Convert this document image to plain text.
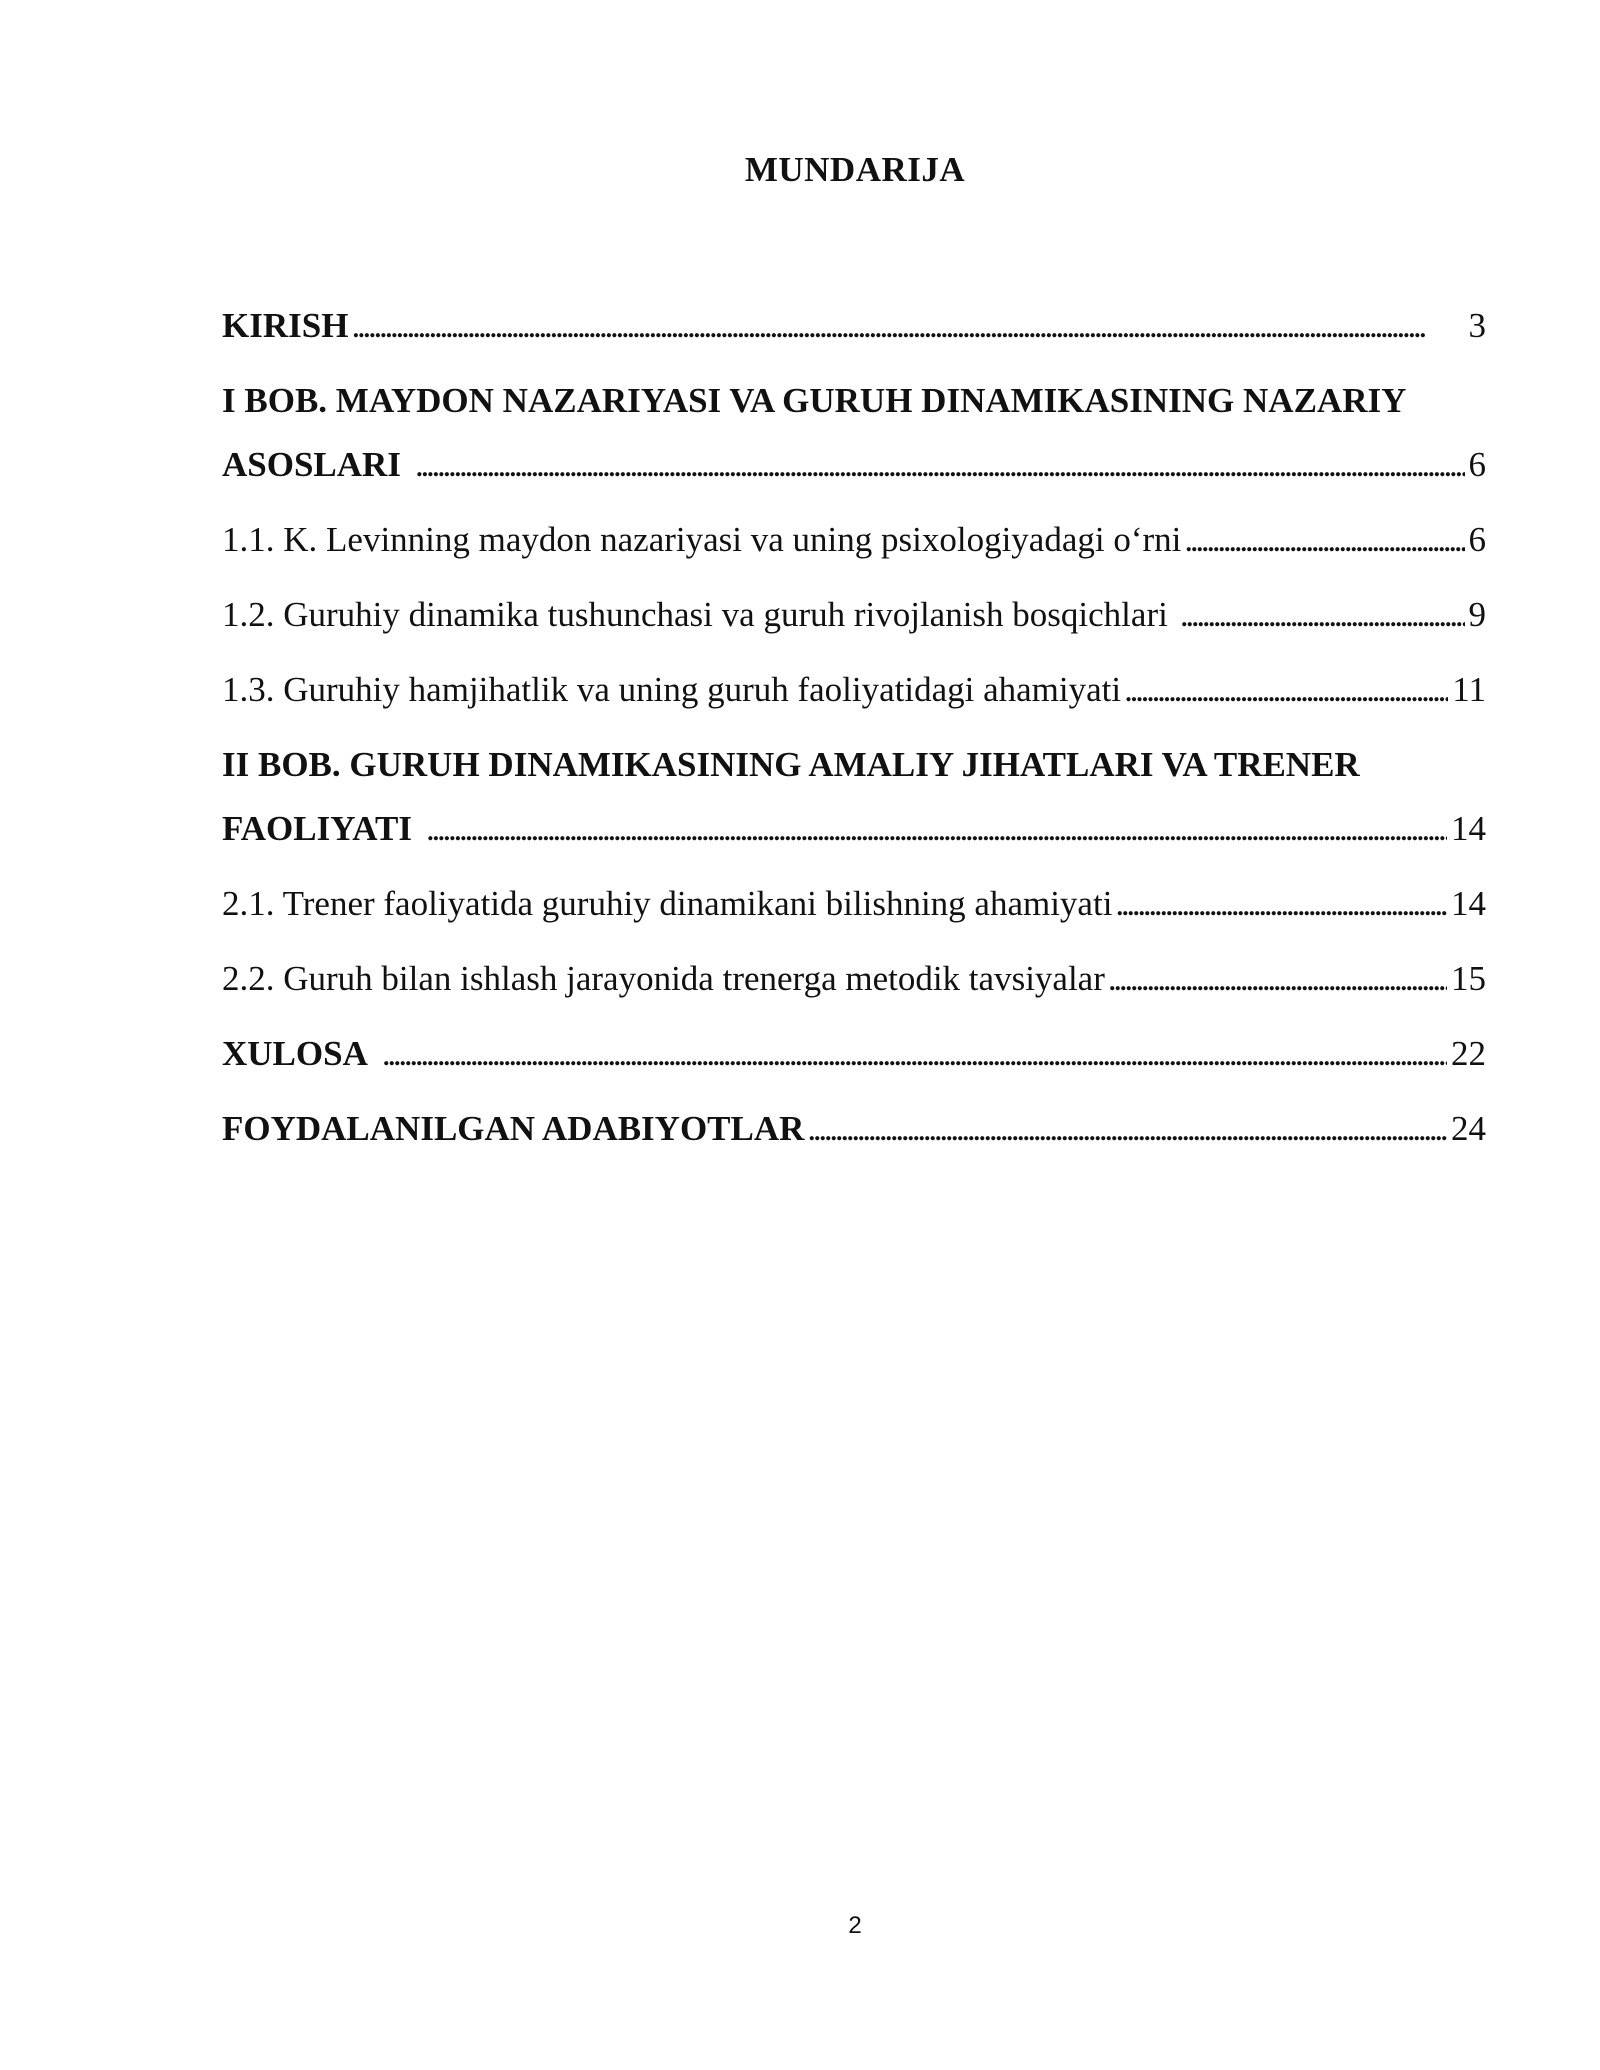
MUNDARIJA
KIRISH . . .	3
I BOB. MAYDON NAZARIYASI VA GURUH DINAMIKASINING NAZARIY
ASOSLARI . . .	6
1.1. K. Levinning maydon nazariyasi va uning psixologiyadagi o‘rni . . .	6
1.2. Guruhiy dinamika tushunchasi va guruh rivojlanish bosqichlari . . .	9
1.3. Guruhiy hamjihatlik va uning guruh faoliyatidagi ahamiyati . . .	11
II BOB. GURUH DINAMIKASINING AMALIY JIHATLARI VA TRENER
FAOLIYATI . . .	14
2.1. Trener faoliyatida guruhiy dinamikani bilishning ahamiyati . . .	14
2.2. Guruh bilan ishlash jarayonida trenerga metodik tavsiyalar . . .	15
XULOSA . . .	22
FOYDALANILGAN ADABIYOTLAR . . .	24
2
